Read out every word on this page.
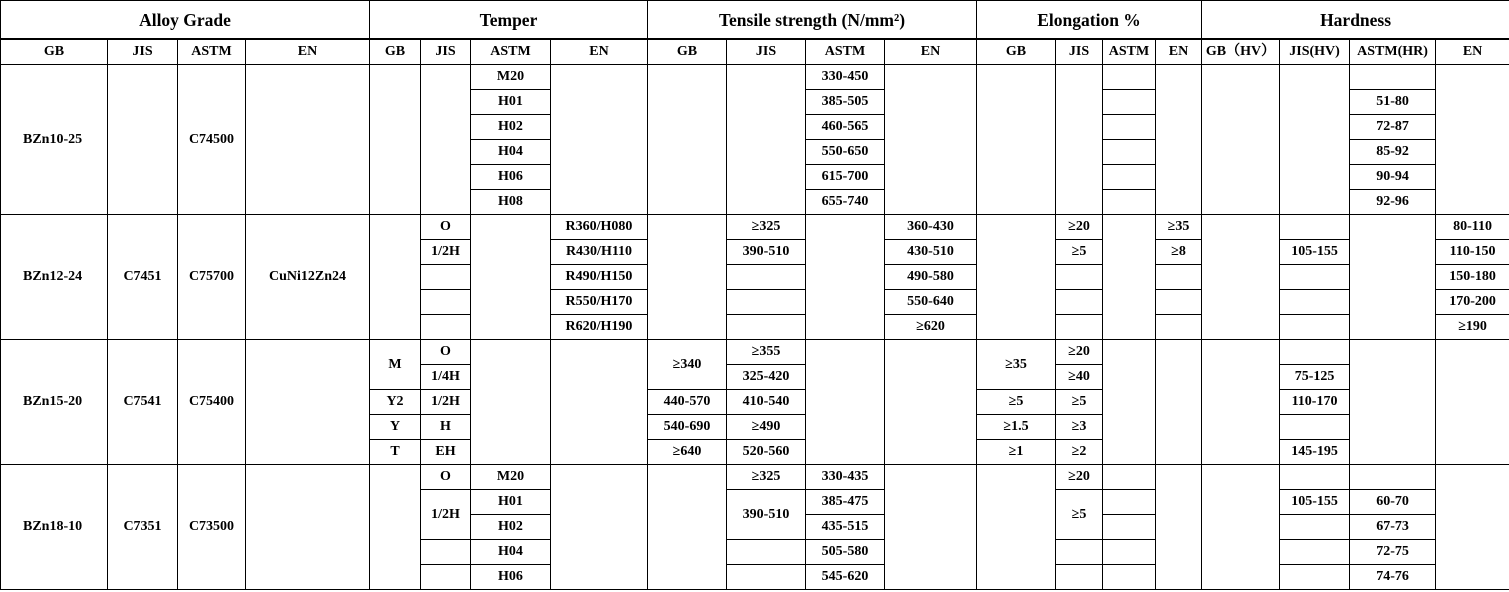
Alloy Grade				Temper				Tensile strength (N/mm²)				Elongation %				Hardness			
GB	JIS	ASTM	EN	GB	JIS	ASTM	EN	GB	JIS	ASTM	EN	GB	JIS	ASTM	EN	GB（HV）	JIS(HV)	ASTM(HR)	EN
BZn10-25		C74500				M20				330-450									
						H01				385-505								51-80	
						H02				460-565								72-87	
						H04				550-650								85-92	
						H06				615-700								90-94	
						H08				655-740								92-96	
BZn12-24	C7451	C75700	CuNi12Zn24		O		R360/H080		≥325		360-430		≥20		≥35				80-110
					1/2H		R430/H110		390-510		430-510		≥5		≥8		105-155		110-150
							R490/H150				490-580								150-180
							R550/H170				550-640								170-200
							R620/H190				≥620								≥190
BZn15-20	C7541	C75400		M	O			≥340	≥355			≥35	≥20						
					1/4H				325-420				≥40				75-125		
				Y2	1/2H			440-570	410-540			≥5	≥5				110-170		
				Y	H			540-690	≥490			≥1.5	≥3						
				T	EH			≥640	520-560			≥1	≥2				145-195		
BZn18-10	C7351	C73500			O	M20			≥325	330-435			≥20						
					1/2H	H01			390-510	385-475			≥5				105-155	60-70	
						H02				435-515								67-73	
						H04				505-580								72-75	
						H06				545-620								74-76	
